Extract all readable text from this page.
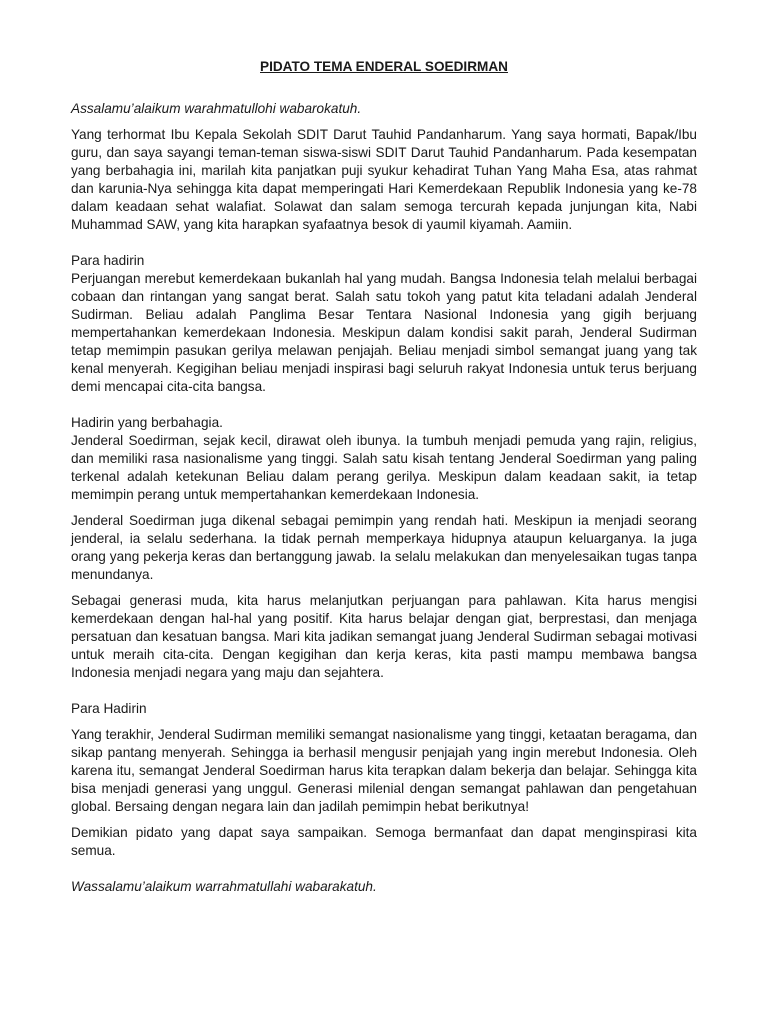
PIDATO TEMA ENDERAL SOEDIRMAN

Assalamu’alaikum warahmatullohi wabarokatuh.

Yang terhormat Ibu Kepala Sekolah SDIT Darut Tauhid Pandanharum. Yang saya hormati, Bapak/Ibu guru, dan saya sayangi teman-teman siswa-siswi SDIT Darut Tauhid Pandanharum. Pada kesempatan yang berbahagia ini, marilah kita panjatkan puji syukur kehadirat Tuhan Yang Maha Esa, atas rahmat dan karunia-Nya sehingga kita dapat memperingati Hari Kemerdekaan Republik Indonesia yang ke-78 dalam keadaan sehat walafiat. Solawat dan salam semoga tercurah kepada junjungan kita, Nabi Muhammad SAW, yang kita harapkan syafaatnya besok di yaumil kiyamah. Aamiin.

Para hadirin

Perjuangan merebut kemerdekaan bukanlah hal yang mudah. Bangsa Indonesia telah melalui berbagai cobaan dan rintangan yang sangat berat. Salah satu tokoh yang patut kita teladani adalah Jenderal Sudirman. Beliau adalah Panglima Besar Tentara Nasional Indonesia yang gigih berjuang mempertahankan kemerdekaan Indonesia. Meskipun dalam kondisi sakit parah, Jenderal Sudirman tetap memimpin pasukan gerilya melawan penjajah. Beliau menjadi simbol semangat juang yang tak kenal menyerah. Kegigihan beliau menjadi inspirasi bagi seluruh rakyat Indonesia untuk terus berjuang demi mencapai cita-cita bangsa.

Hadirin yang berbahagia.

Jenderal Soedirman, sejak kecil, dirawat oleh ibunya. Ia tumbuh menjadi pemuda yang rajin, religius, dan memiliki rasa nasionalisme yang tinggi. Salah satu kisah tentang Jenderal Soedirman yang paling terkenal adalah ketekunan Beliau dalam perang gerilya. Meskipun dalam keadaan sakit, ia tetap memimpin perang untuk mempertahankan kemerdekaan Indonesia.

Jenderal Soedirman juga dikenal sebagai pemimpin yang rendah hati. Meskipun ia menjadi seorang jenderal, ia selalu sederhana. Ia tidak pernah memperkaya hidupnya ataupun keluarganya. Ia juga orang yang pekerja keras dan bertanggung jawab. Ia selalu melakukan dan menyelesaikan tugas tanpa menundanya.

Sebagai generasi muda, kita harus melanjutkan perjuangan para pahlawan. Kita harus mengisi kemerdekaan dengan hal-hal yang positif. Kita harus belajar dengan giat, berprestasi, dan menjaga persatuan dan kesatuan bangsa. Mari kita jadikan semangat juang Jenderal Sudirman sebagai motivasi untuk meraih cita-cita. Dengan kegigihan dan kerja keras, kita pasti mampu membawa bangsa Indonesia menjadi negara yang maju dan sejahtera.

Para Hadirin

Yang terakhir, Jenderal Sudirman memiliki semangat nasionalisme yang tinggi, ketaatan beragama, dan sikap pantang menyerah. Sehingga ia berhasil mengusir penjajah yang ingin merebut Indonesia. Oleh karena itu, semangat Jenderal Soedirman harus kita terapkan dalam bekerja dan belajar. Sehingga kita bisa menjadi generasi yang unggul. Generasi milenial dengan semangat pahlawan dan pengetahuan global. Bersaing dengan negara lain dan jadilah pemimpin hebat berikutnya!

Demikian pidato yang dapat saya sampaikan. Semoga bermanfaat dan dapat menginspirasi kita semua.

Wassalamu’alaikum warrahmatullahi wabarakatuh.
